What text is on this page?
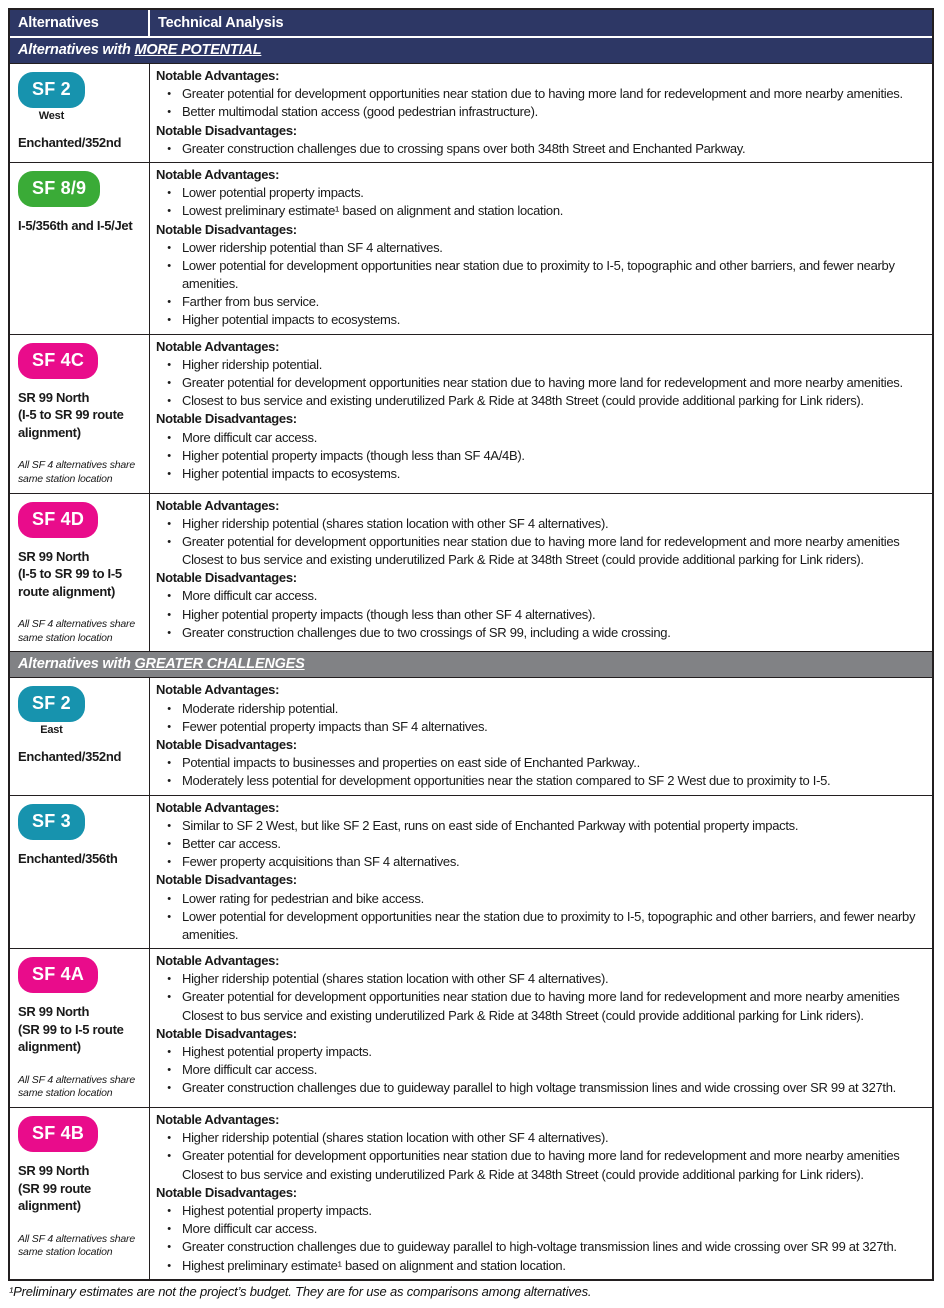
Alternatives	Technical Analysis
Alternatives with MORE POTENTIAL
SF 2
West
Enchanted/352nd
Notable Advantages:
• Greater potential for development opportunities near station due to having more land for redevelopment and more nearby amenities.
• Better multimodal station access (good pedestrian infrastructure).
Notable Disadvantages:
• Greater construction challenges due to crossing spans over both 348th Street and Enchanted Parkway.
SF 8/9
I-5/356th and I-5/Jet
Notable Advantages:
• Lower potential property impacts.
• Lowest preliminary estimate¹ based on alignment and station location.
Notable Disadvantages:
• Lower ridership potential than SF 4 alternatives.
• Lower potential for development opportunities near station due to proximity to I-5, topographic and other barriers, and fewer nearby amenities.
• Farther from bus service.
• Higher potential impacts to ecosystems.
SF 4C
SR 99 North
(I-5 to SR 99 route alignment)
All SF 4 alternatives share same station location
Notable Advantages:
• Higher ridership potential.
• Greater potential for development opportunities near station due to having more land for redevelopment and more nearby amenities.
• Closest to bus service and existing underutilized Park & Ride at 348th Street (could provide additional parking for Link riders).
Notable Disadvantages:
• More difficult car access.
• Higher potential property impacts (though less than SF 4A/4B).
• Higher potential impacts to ecosystems.
SF 4D
SR 99 North
(I-5 to SR 99 to I-5 route alignment)
All SF 4 alternatives share same station location
Notable Advantages:
• Higher ridership potential (shares station location with other SF 4 alternatives).
• Greater potential for development opportunities near station due to having more land for redevelopment and more nearby amenities Closest to bus service and existing underutilized Park & Ride at 348th Street (could provide additional parking for Link riders).
Notable Disadvantages:
• More difficult car access.
• Higher potential property impacts (though less than other SF 4 alternatives).
• Greater construction challenges due to two crossings of SR 99, including a wide crossing.
Alternatives with GREATER CHALLENGES
SF 2
East
Enchanted/352nd
Notable Advantages:
• Moderate ridership potential.
• Fewer potential property impacts than SF 4 alternatives.
Notable Disadvantages:
• Potential impacts to businesses and properties on east side of Enchanted Parkway..
• Moderately less potential for development opportunities near the station compared to SF 2 West due to proximity to I-5.
SF 3
Enchanted/356th
Notable Advantages:
• Similar to SF 2 West, but like SF 2 East, runs on east side of Enchanted Parkway with potential property impacts.
• Better car access.
• Fewer property acquisitions than SF 4 alternatives.
Notable Disadvantages:
• Lower rating for pedestrian and bike access.
• Lower potential for development opportunities near the station due to proximity to I-5, topographic and other barriers, and fewer nearby amenities.
SF 4A
SR 99 North
(SR 99 to I-5 route alignment)
All SF 4 alternatives share same station location
Notable Advantages:
• Higher ridership potential (shares station location with other SF 4 alternatives).
• Greater potential for development opportunities near station due to having more land for redevelopment and more nearby amenities Closest to bus service and existing underutilized Park & Ride at 348th Street (could provide additional parking for Link riders).
Notable Disadvantages:
• Highest potential property impacts.
• More difficult car access.
• Greater construction challenges due to guideway parallel to high voltage transmission lines and wide crossing over SR 99 at 327th.
SF 4B
SR 99 North
(SR 99 route alignment)
All SF 4 alternatives share same station location
Notable Advantages:
• Higher ridership potential (shares station location with other SF 4 alternatives).
• Greater potential for development opportunities near station due to having more land for redevelopment and more nearby amenities Closest to bus service and existing underutilized Park & Ride at 348th Street (could provide additional parking for Link riders).
Notable Disadvantages:
• Highest potential property impacts.
• More difficult car access.
• Greater construction challenges due to guideway parallel to high-voltage transmission lines and wide crossing over SR 99 at 327th.
• Highest preliminary estimate¹ based on alignment and station location.
¹Preliminary estimates are not the project’s budget. They are for use as comparisons among alternatives.
